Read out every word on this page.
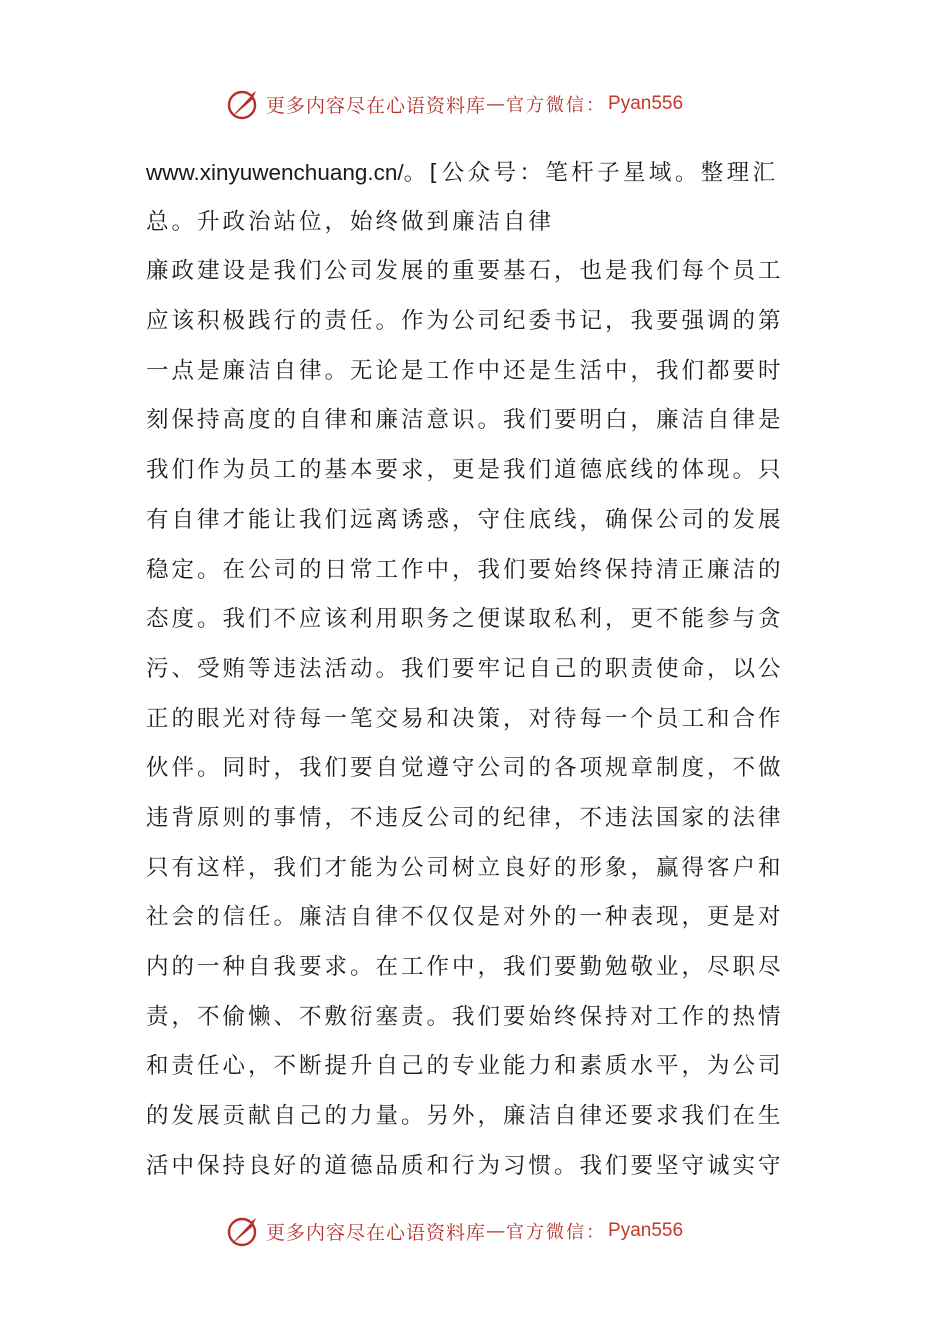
更多内容尽在心语资料库 — 官方微信： Pyan556
www.xinyuwenchuang.cn/。[公众号：笔杆子星域。整理汇
总。升政治站位，始终做到廉洁自律
廉政建设是我们公司发展的重要基石，也是我们每个员工
应该积极践行的责任。作为公司纪委书记，我要强调的第
一点是廉洁自律。无论是工作中还是生活中，我们都要时
刻保持高度的自律和廉洁意识。我们要明白，廉洁自律是
我们作为员工的基本要求，更是我们道德底线的体现。只
有自律才能让我们远离诱惑，守住底线，确保公司的发展
稳定。在公司的日常工作中，我们要始终保持清正廉洁的
态度。我们不应该利用职务之便谋取私利，更不能参与贪
污、受贿等违法活动。我们要牢记自己的职责使命，以公
正的眼光对待每一笔交易和决策，对待每一个员工和合作
伙伴。同时，我们要自觉遵守公司的各项规章制度，不做
违背原则的事情，不违反公司的纪律，不违法国家的法律
只有这样，我们才能为公司树立良好的形象，赢得客户和
社会的信任。廉洁自律不仅仅是对外的一种表现，更是对
内的一种自我要求。在工作中，我们要勤勉敬业，尽职尽
责，不偷懒、不敷衍塞责。我们要始终保持对工作的热情
和责任心，不断提升自己的专业能力和素质水平，为公司
的发展贡献自己的力量。另外，廉洁自律还要求我们在生
活中保持良好的道德品质和行为习惯。我们要坚守诚实守
更多内容尽在心语资料库 — 官方微信： Pyan556
